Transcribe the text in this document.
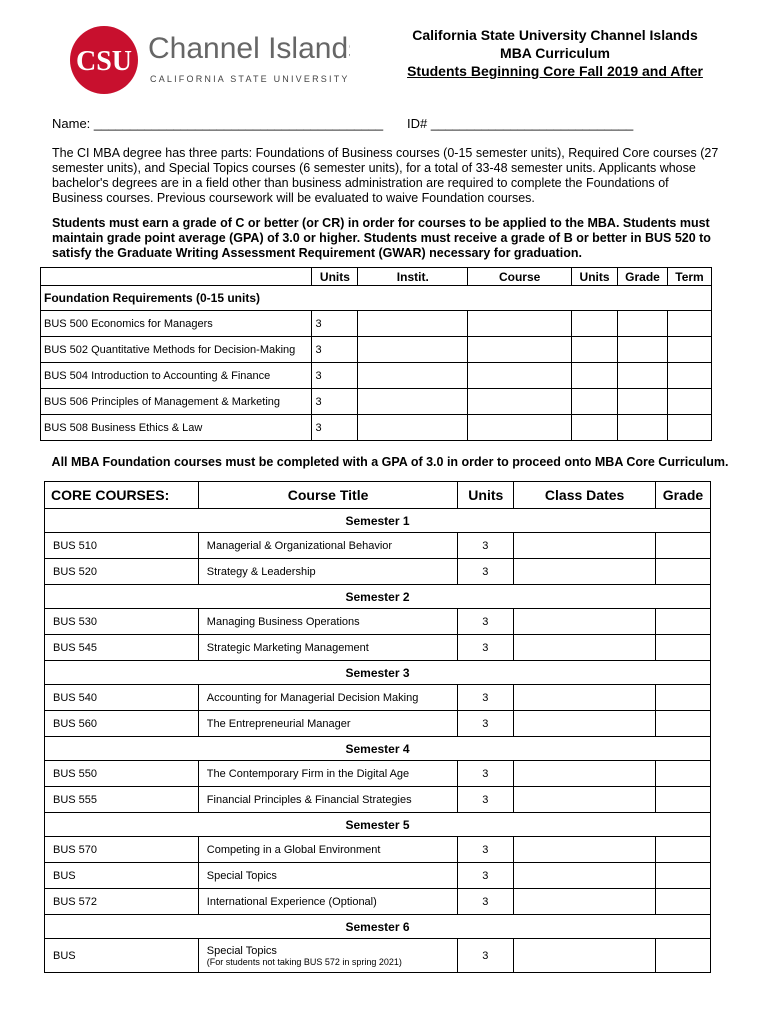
CSU Channel Islands
CALIFORNIA STATE UNIVERSITY
California State University Channel Islands
MBA Curriculum
Students Beginning Core Fall 2019 and After
Name: ________________________________________ ID# ____________________________
The CI MBA degree has three parts: Foundations of Business courses (0-15 semester units), Required Core courses (27 semester units), and Special Topics courses (6 semester units), for a total of 33-48 semester units. Applicants whose bachelor's degrees are in a field other than business administration are required to complete the Foundations of Business courses. Previous coursework will be evaluated to waive Foundation courses.
Students must earn a grade of C or better (or CR) in order for courses to be applied to the MBA. Students must maintain grade point average (GPA) of 3.0 or higher. Students must receive a grade of B or better in BUS 520 to satisfy the Graduate Writing Assessment Requirement (GWAR) necessary for graduation.
	Units	Instit.	Course	Units	Grade	Term
Foundation Requirements (0-15 units)						
BUS 500 Economics for Managers	3					
BUS 502 Quantitative Methods for Decision-Making	3					
BUS 504 Introduction to Accounting & Finance	3					
BUS 506 Principles of Management & Marketing	3					
BUS 508 Business Ethics & Law	3					
All MBA Foundation courses must be completed with a GPA of 3.0 in order to proceed onto MBA Core Curriculum.
CORE COURSES:	Course Title	Units	Class Dates	Grade
Semester 1				
BUS 510	Managerial & Organizational Behavior	3		
BUS 520	Strategy & Leadership	3		
Semester 2				
BUS 530	Managing Business Operations	3		
BUS 545	Strategic Marketing Management	3		
Semester 3				
BUS 540	Accounting for Managerial Decision Making	3		
BUS 560	The Entrepreneurial Manager	3		
Semester 4				
BUS 550	The Contemporary Firm in the Digital Age	3		
BUS 555	Financial Principles & Financial Strategies	3		
Semester 5				
BUS 570	Competing in a Global Environment	3		
BUS	Special Topics	3		
BUS 572	International Experience (Optional)	3		
Semester 6				
BUS	Special Topics
(For students not taking BUS 572 in spring 2021)	3		
